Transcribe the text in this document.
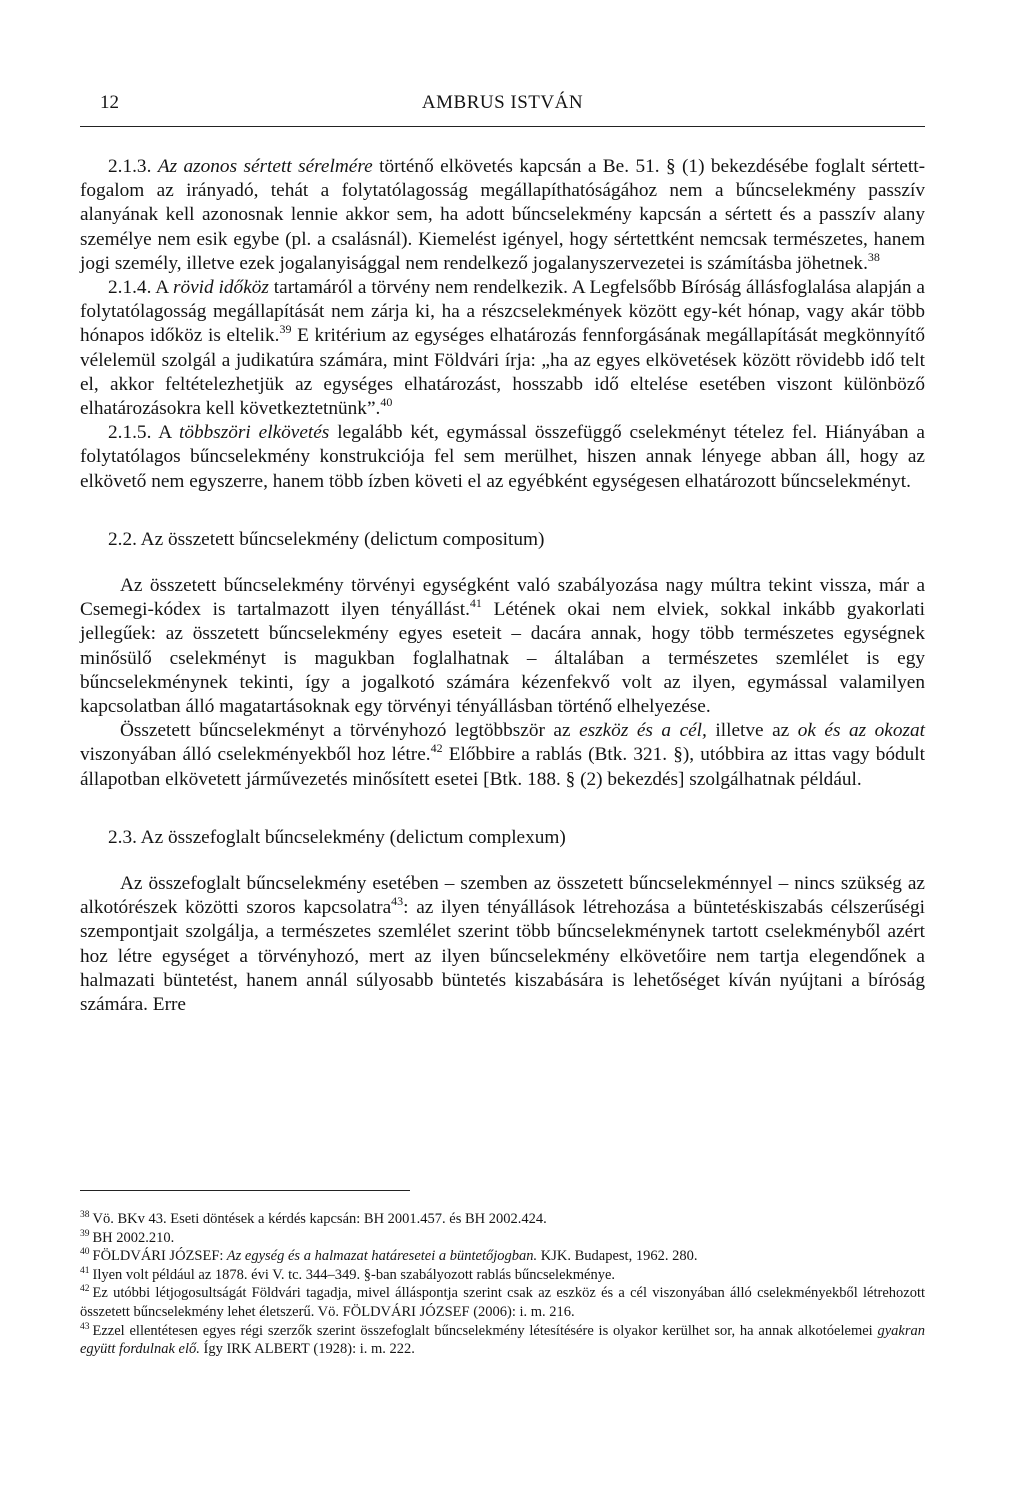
12	AMBRUS ISTVÁN

2.1.3. Az azonos sértett sérelmére történő elkövetés kapcsán a Be. 51. § (1) bekezdésébe foglalt sértett-fogalom az irányadó, tehát a folytatólagosság megállapíthatóságához nem a bűncselekmény passzív alanyának kell azonosnak lennie akkor sem, ha adott bűncselekmény kapcsán a sértett és a passzív alany személye nem esik egybe (pl. a csalásnál). Kiemelést igényel, hogy sértettként nemcsak természetes, hanem jogi személy, illetve ezek jogalanyisággal nem rendelkező jogalanyszervezetei is számításba jöhetnek.$^{38}$

2.1.4. A rövid időköz tartamáról a törvény nem rendelkezik. A Legfelsőbb Bíróság állásfoglalása alapján a folytatólagosság megállapítását nem zárja ki, ha a részcselekmények között egy-két hónap, vagy akár több hónapos időköz is eltelik.$^{39}$ E kritérium az egységes elhatározás fennforgásának megállapítását megkönnyítő vélelemül szolgál a judikatúra számára, mint Földvári írja: „ha az egyes elkövetések között rövidebb idő telt el, akkor feltételezhetjük az egységes elhatározást, hosszabb idő eltelése esetében viszont különböző elhatározásokra kell következtetnünk”.$^{40}$

2.1.5. A többszöri elkövetés legalább két, egymással összefüggő cselekményt tételez fel. Hiányában a folytatólagos bűncselekmény konstrukciója fel sem merülhet, hiszen annak lényege abban áll, hogy az elkövető nem egyszerre, hanem több ízben követi el az egyébként egységesen elhatározott bűncselekményt.

2.2. Az összetett bűncselekmény (delictum compositum)

Az összetett bűncselekmény törvényi egységként való szabályozása nagy múltra tekint vissza, már a Csemegi-kódex is tartalmazott ilyen tényállást.$^{41}$ Létének okai nem elviek, sokkal inkább gyakorlati jellegűek: az összetett bűncselekmény egyes eseteit – dacára annak, hogy több természetes egységnek minősülő cselekményt is magukban foglalhatnak – általában a természetes szemlélet is egy bűncselekménynek tekinti, így a jogalkotó számára kézenfekvő volt az ilyen, egymással valamilyen kapcsolatban álló magatartásoknak egy törvényi tényállásban történő elhelyezése.

Összetett bűncselekményt a törvényhozó legtöbbször az eszköz és a cél, illetve az ok és az okozat viszonyában álló cselekményekből hoz létre.$^{42}$ Előbbire a rablás (Btk. 321. §), utóbbira az ittas vagy bódult állapotban elkövetett járművezetés minősített esetei [Btk. 188. § (2) bekezdés] szolgálhatnak például.

2.3. Az összefoglalt bűncselekmény (delictum complexum)

Az összefoglalt bűncselekmény esetében – szemben az összetett bűncselekménnyel – nincs szükség az alkotórészek közötti szoros kapcsolatra$^{43}$: az ilyen tényállások létrehozása a büntetéskiszabás célszerűségi szempontjait szolgálja, a természetes szemlélet szerint több bűncselekménynek tartott cselekményből azért hoz létre egységet a törvényhozó, mert az ilyen bűncselekmény elkövetőire nem tartja elegendőnek a halmazati büntetést, hanem annál súlyosabb büntetés kiszabására is lehetőséget kíván nyújtani a bíróság számára. Erre

$^{38}$ Vö. BKv 43. Eseti döntések a kérdés kapcsán: BH 2001.457. és BH 2002.424.

$^{39}$ BH 2002.210.

$^{40}$ FÖLDVÁRI JÓZSEF: Az egység és a halmazat határesetei a büntetőjogban. KJK. Budapest, 1962. 280.

$^{41}$ Ilyen volt például az 1878. évi V. tc. 344–349. §-ban szabályozott rablás bűncselekménye.

$^{42}$ Ez utóbbi létjogosultságát Földvári tagadja, mivel álláspontja szerint csak az eszköz és a cél viszonyában álló cselekményekből létrehozott összetett bűncselekmény lehet életszerű. Vö. FÖLDVÁRI JÓZSEF (2006): i. m. 216.

$^{43}$ Ezzel ellentétesen egyes régi szerzők szerint összefoglalt bűncselekmény létesítésére is olyakor kerülhet sor, ha annak alkotóelemei gyakran együtt fordulnak elő. Így IRK ALBERT (1928): i. m. 222.
